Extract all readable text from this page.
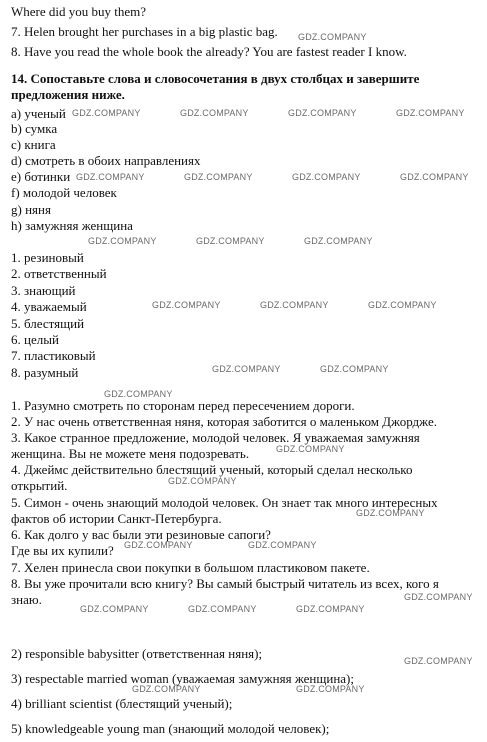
Where did you buy them?
7. Helen brought her purchases in a big plastic bag.
8. Have you read the whole book the already? You are fastest reader I know.
14. Сопоставьте слова и словосочетания в двух столбцах и завершите
предложения ниже.
a) ученый
b) сумка
c) книга
d) смотреть в обоих направлениях
e) ботинки
f) молодой человек
g) няня
h) замужняя женщина
1. резиновый
2. ответственный
3. знающий
4. уважаемый
5. блестящий
6. целый
7. пластиковый
8. разумный
1. Разумно смотреть по сторонам перед пересечением дороги.
2. У нас очень ответственная няня, которая заботится о маленьком Джордже.
3. Какое странное предложение, молодой человек. Я уважаемая замужняя
женщина. Вы не можете меня подозревать.
4. Джеймс действительно блестящий ученый, который сделал несколько
открытий.
5. Симон - очень знающий молодой человек. Он знает так много интересных
фактов об истории Санкт-Петербурга.
6. Как долго у вас были эти резиновые сапоги?
Где вы их купили?
7. Хелен принесла свои покупки в большом пластиковом пакете.
8. Вы уже прочитали всю книгу? Вы самый быстрый читатель из всех, кого я
знаю.
2) responsible babysitter (ответственная няня);
3) respectable married woman (уважаемая замужняя женщина);
4) brilliant scientist (блестящий ученый);
5) knowledgeable young man (знающий молодой человек);
GDZ.COMPANY
GDZ.COMPANY	GDZ.COMPANY	GDZ.COMPANY	GDZ.COMPANY
GDZ.COMPANY	GDZ.COMPANY	GDZ.COMPANY	GDZ.COMPANY
GDZ.COMPANY	GDZ.COMPANY	GDZ.COMPANY
GDZ.COMPANY	GDZ.COMPANY	GDZ.COMPANY
GDZ.COMPANY	GDZ.COMPANY
GDZ.COMPANY
GDZ.COMPANY
GDZ.COMPANY
GDZ.COMPANY
GDZ.COMPANY	GDZ.COMPANY
GDZ.COMPANY
GDZ.COMPANY	GDZ.COMPANY	GDZ.COMPANY
GDZ.COMPANY
GDZ.COMPANY	GDZ.COMPANY
